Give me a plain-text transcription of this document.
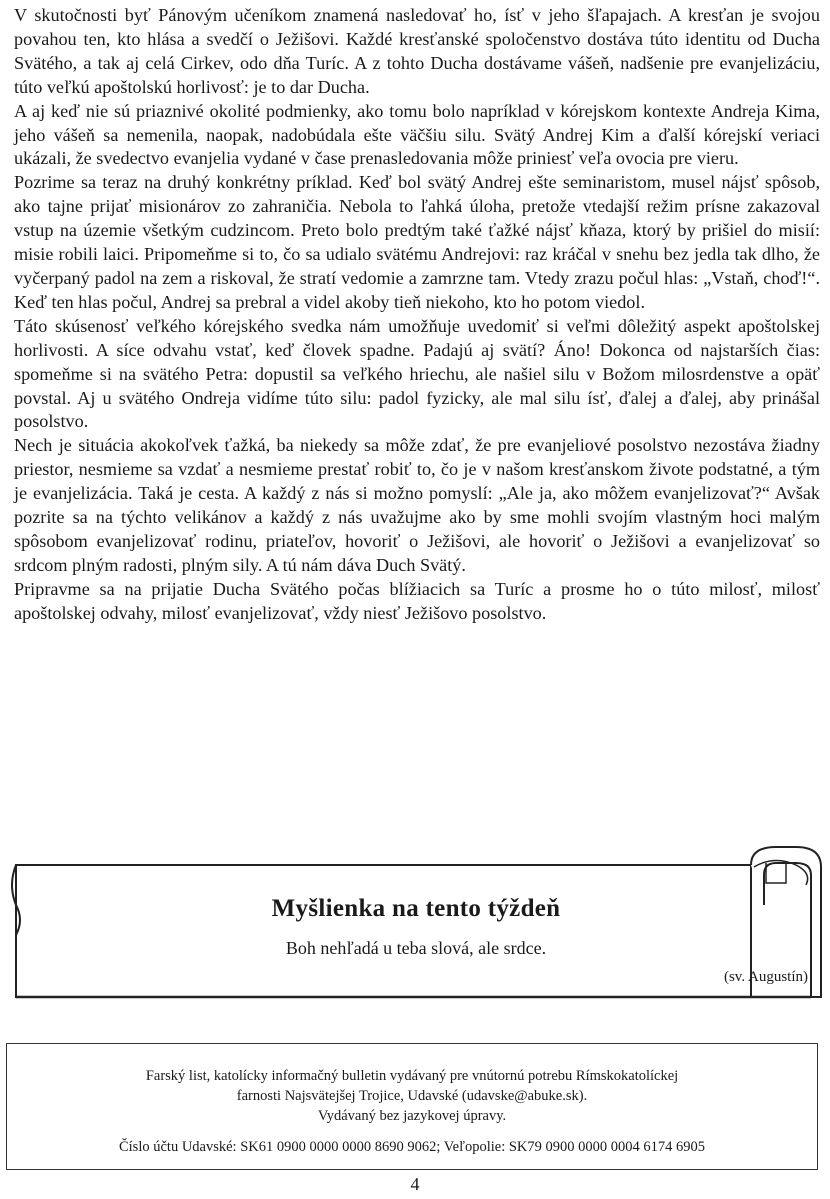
V skutočnosti byť Pánovým učeníkom znamená nasledovať ho, ísť v jeho šľapajach. A kresťan je svojou povahou ten, kto hlása a svedčí o Ježišovi. Každé kresťanské spoločenstvo dostáva túto identitu od Ducha Svätého, a tak aj celá Cirkev, odo dňa Turíc. A z tohto Ducha dostávame vášeň, nadšenie pre evanjelizáciu, túto veľkú apoštolskú horlivosť: je to dar Ducha.

A aj keď nie sú priaznivé okolité podmienky, ako tomu bolo napríklad v kórejskom kontexte Andreja Kima, jeho vášeň sa nemenila, naopak, nadobúdala ešte väčšiu silu. Svätý Andrej Kim a ďalší kórejskí veriaci ukázali, že svedectvo evanjelia vydané v čase prenasledovania môže priniesť veľa ovocia pre vieru.

Pozrime sa teraz na druhý konkrétny príklad. Keď bol svätý Andrej ešte seminaristom, musel nájsť spôsob, ako tajne prijať misionárov zo zahraničia. Nebola to ľahká úloha, pretože vtedajší režim prísne zakazoval vstup na územie všetkým cudzincom. Preto bolo predtým také ťažké nájsť kňaza, ktorý by prišiel do misií: misie robili laici. Pripomeňme si to, čo sa udialo svätému Andrejovi: raz kráčal v snehu bez jedla tak dlho, že vyčerpaný padol na zem a riskoval, že stratí vedomie a zamrzne tam. Vtedy zrazu počul hlas: „Vstaň, choď!“. Keď ten hlas počul, Andrej sa prebral a videl akoby tieň niekoho, kto ho potom viedol.

Táto skúsenosť veľkého kórejského svedka nám umožňuje uvedomiť si veľmi dôležitý aspekt apoštolskej horlivosti. A síce odvahu vstať, keď človek spadne. Padajú aj svätí? Áno! Dokonca od najstarších čias: spomeňme si na svätého Petra: dopustil sa veľkého hriechu, ale našiel silu v Božom milosrdenstve a opäť povstal. Aj u svätého Ondreja vidíme túto silu: padol fyzicky, ale mal silu ísť, ďalej a ďalej, aby prinášal posolstvo.

Nech je situácia akokoľvek ťažká, ba niekedy sa môže zdať, že pre evanjeliové posolstvo nezostáva žiadny priestor, nesmieme sa vzdať a nesmieme prestať robiť to, čo je v našom kresťanskom živote podstatné, a tým je evanjelizácia. Taká je cesta. A každý z nás si možno pomyslí: „Ale ja, ako môžem evanjelizovať?“ Avšak pozrite sa na týchto velikánov a každý z nás uvažujme ako by sme mohli svojím vlastným hoci malým spôsobom evanjelizovať rodinu, priateľov, hovoriť o Ježišovi, ale hovoriť o Ježišovi a evanjelizovať so srdcom plným radosti, plným sily. A tú nám dáva Duch Svätý.

Pripravme sa na prijatie Ducha Svätého počas blížiacich sa Turíc a prosme ho o túto milosť, milosť apoštolskej odvahy, milosť evanjelizovať, vždy niesť Ježišovo posolstvo.

Myšlienka na tento týždeň
Boh nehľadá u teba slová, ale srdce.
(sv. Augustín)
Farský list, katolícky informačný bulletin vydávaný pre vnútornú potrebu Rímskokatolíckej
farnosti Najsvätejšej Trojice, Udavské (udavske@abuke.sk).
Vydávaný bez jazykovej úpravy.
Číslo účtu Udavské: SK61 0900 0000 0000 8690 9062; Veľopolie: SK79 0900 0000 0004 6174 6905
4
